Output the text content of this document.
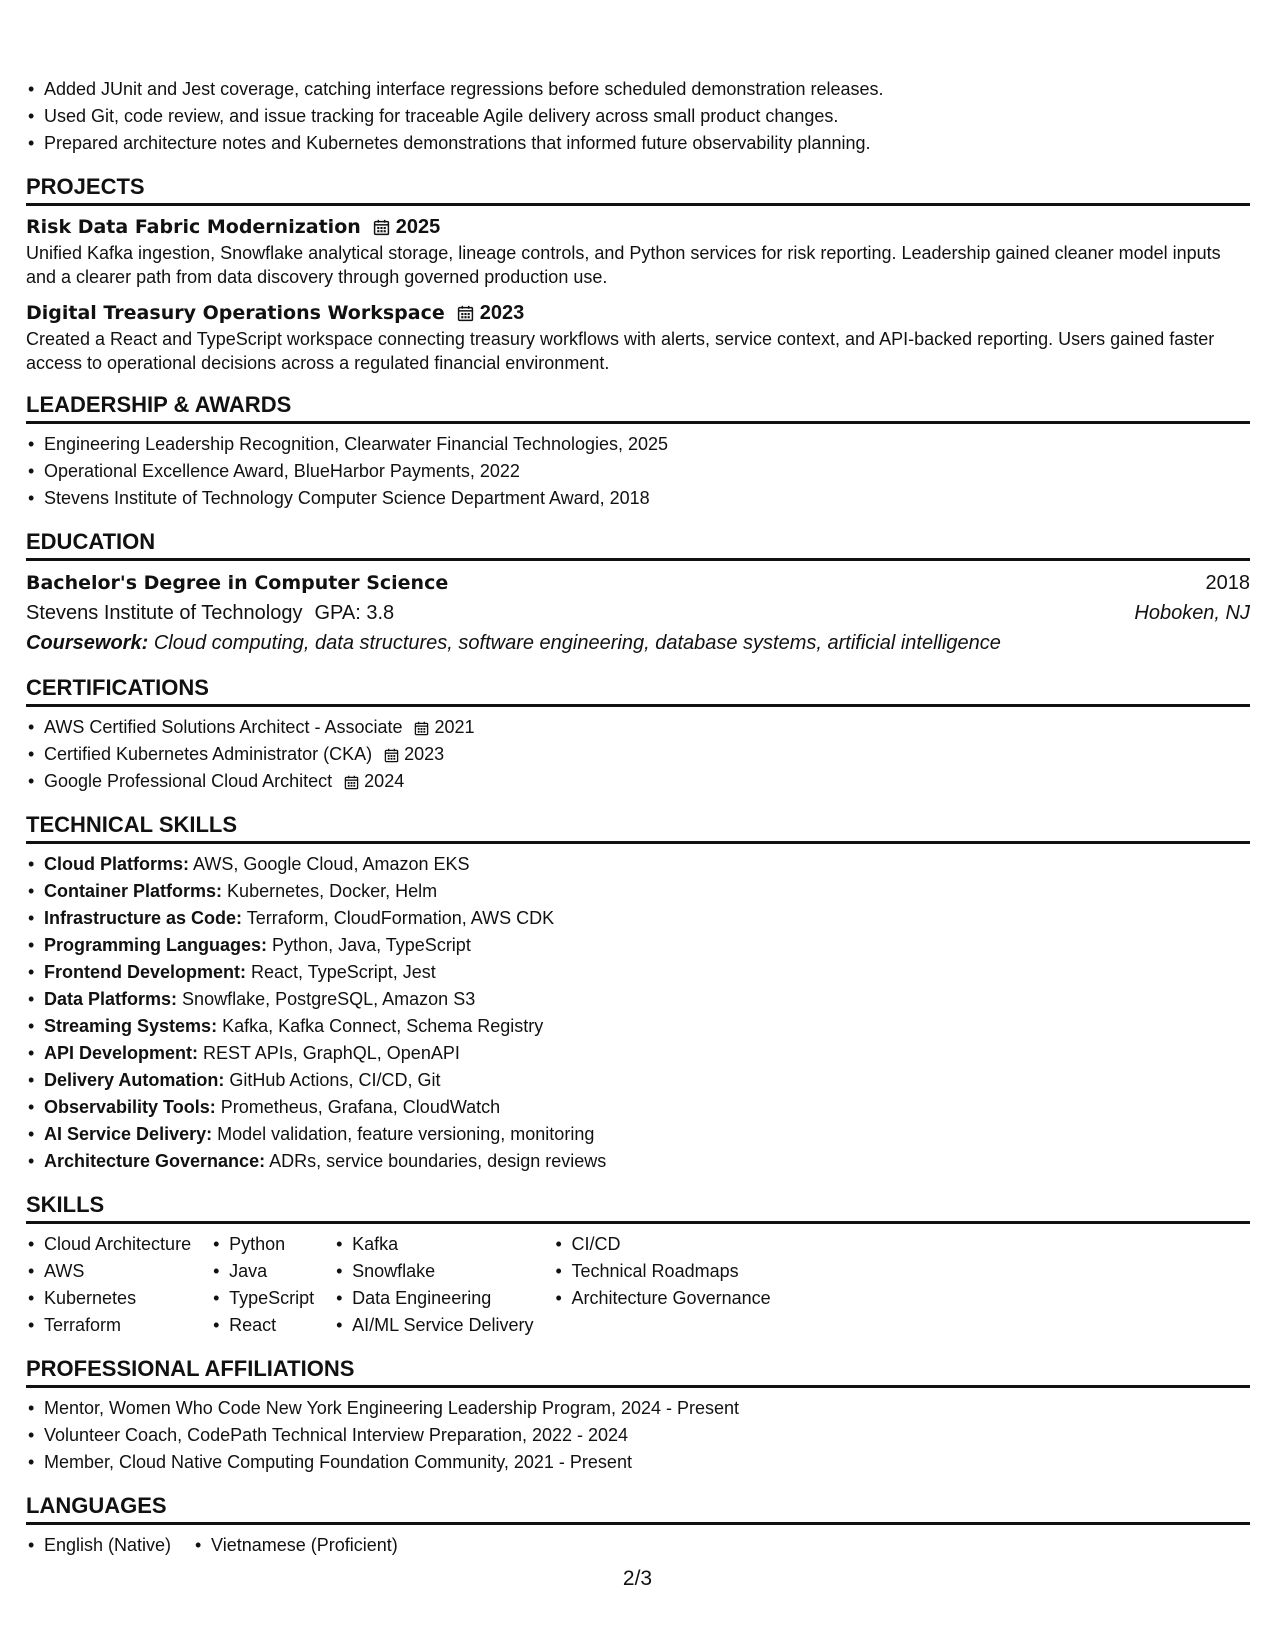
• Added JUnit and Jest coverage, catching interface regressions before scheduled demonstration releases.
• Used Git, code review, and issue tracking for traceable Agile delivery across small product changes.
• Prepared architecture notes and Kubernetes demonstrations that informed future observability planning.
PROJECTS
Risk Data Fabric Modernization 2025
Unified Kafka ingestion, Snowflake analytical storage, lineage controls, and Python services for risk reporting. Leadership gained cleaner model inputs and a clearer path from data discovery through governed production use.
Digital Treasury Operations Workspace 2023
Created a React and TypeScript workspace connecting treasury workflows with alerts, service context, and API-backed reporting. Users gained faster access to operational decisions across a regulated financial environment.
LEADERSHIP & AWARDS
• Engineering Leadership Recognition, Clearwater Financial Technologies, 2025
• Operational Excellence Award, BlueHarbor Payments, 2022
• Stevens Institute of Technology Computer Science Department Award, 2018
EDUCATION
Bachelor's Degree in Computer Science	2018
Stevens Institute of Technology GPA: 3.8	Hoboken, NJ
Coursework: Cloud computing, data structures, software engineering, database systems, artificial intelligence
CERTIFICATIONS
• AWS Certified Solutions Architect - Associate 2021
• Certified Kubernetes Administrator (CKA) 2023
• Google Professional Cloud Architect 2024
TECHNICAL SKILLS
• Cloud Platforms: AWS, Google Cloud, Amazon EKS
• Container Platforms: Kubernetes, Docker, Helm
• Infrastructure as Code: Terraform, CloudFormation, AWS CDK
• Programming Languages: Python, Java, TypeScript
• Frontend Development: React, TypeScript, Jest
• Data Platforms: Snowflake, PostgreSQL, Amazon S3
• Streaming Systems: Kafka, Kafka Connect, Schema Registry
• API Development: REST APIs, GraphQL, OpenAPI
• Delivery Automation: GitHub Actions, CI/CD, Git
• Observability Tools: Prometheus, Grafana, CloudWatch
• AI Service Delivery: Model validation, feature versioning, monitoring
• Architecture Governance: ADRs, service boundaries, design reviews
SKILLS
• Cloud Architecture
• AWS
• Kubernetes
• Terraform
• Python
• Java
• TypeScript
• React
• Kafka
• Snowflake
• Data Engineering
• AI/ML Service Delivery
• CI/CD
• Technical Roadmaps
• Architecture Governance
PROFESSIONAL AFFILIATIONS
• Mentor, Women Who Code New York Engineering Leadership Program, 2024 - Present
• Volunteer Coach, CodePath Technical Interview Preparation, 2022 - 2024
• Member, Cloud Native Computing Foundation Community, 2021 - Present
LANGUAGES
• English (Native)
•	Vietnamese (Proficient)
2/3
